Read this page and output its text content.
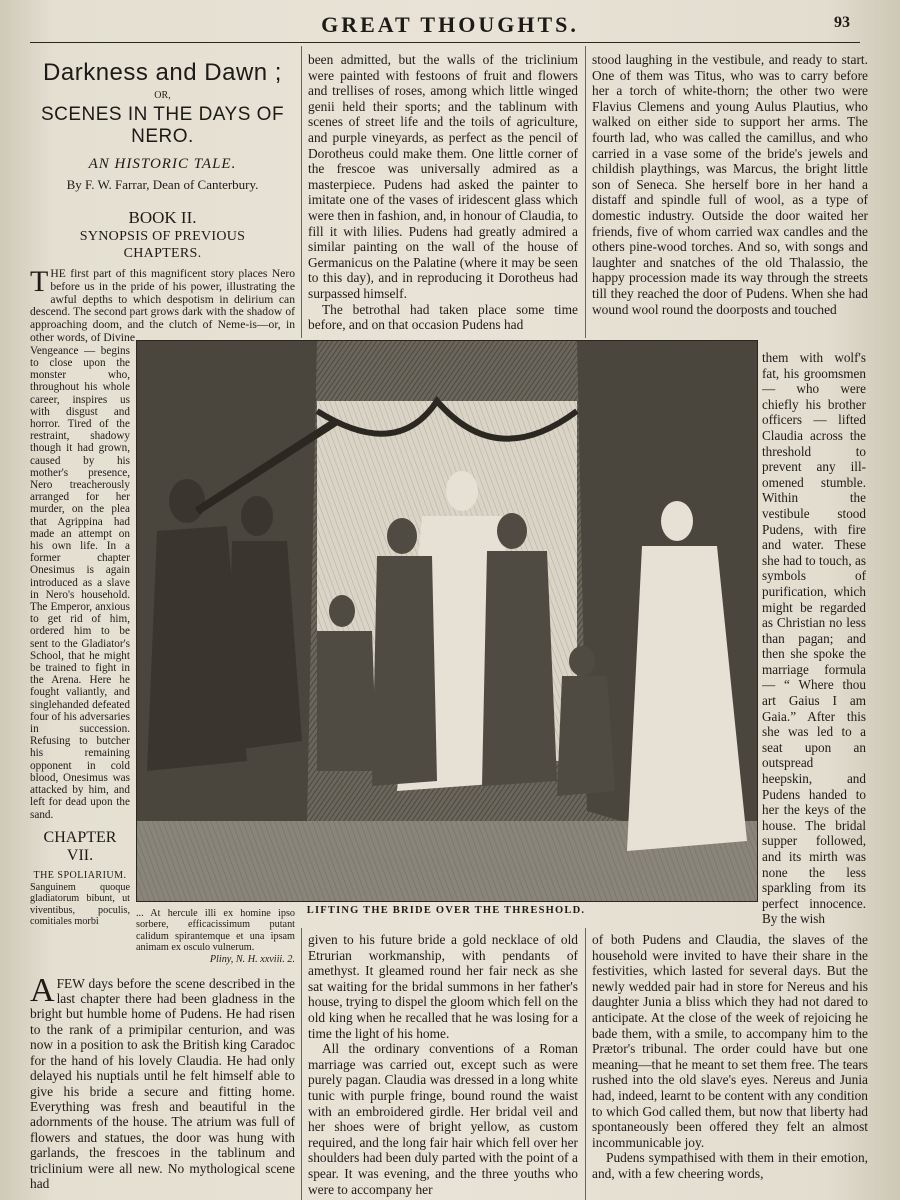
GREAT THOUGHTS.	93
Darkness and Dawn ;
OR,
SCENES IN THE DAYS OF
NERO.
AN HISTORIC TALE.
By F. W. Farrar, Dean of Canterbury.
BOOK II.
SYNOPSIS OF PREVIOUS
CHAPTERS.
THE first part of this magnificent story places Nero before us in the pride of his power, illustrating the awful depths to which despotism in delirium can descend. The second part grows dark with the shadow of approaching doom, and the clutch of Neme-is—or, in other words, of Divine
Vengeance — begins to close upon the monster who, throughout his whole career, inspires us with disgust and horror. Tired of the restraint, shadowy though it had grown, caused by his mother's presence, Nero treacherously arranged for her murder, on the plea that Agrippina had made an attempt on his own life. In a former chapter Onesimus is again introduced as a slave in Nero's household. The Emperor, anxious to get rid of him, ordered him to be sent to the Gladiator's School, that he might be trained to fight in the Arena. Here he fought valiantly, and singlehanded defeated four of his adversaries in succession. Refusing to butcher his remaining opponent in cold blood, Onesimus was attacked by him, and left for dead upon the sand.
CHAPTER VII.
THE SPOLIARIUM.
Sanguinem quoque gladiatorum bibunt, ut viventibus, poculis, comitiales morbi
... At hercule illi ex homine ipso sorbere, efficacissimum putant calidum spirantemque et una ipsam animam ex osculo vulnerum.
Pliny, N. H. xxviii. 2.
AFEW days before the scene described in the last chapter there had been gladness in the bright but humble home of Pudens. He had risen to the rank of a primipilar centurion, and was now in a position to ask the British king Caradoc for the hand of his lovely Claudia. He had only delayed his nuptials until he felt himself able to give his bride a secure and fitting home. Everything was fresh and beautiful in the adornments of the house. The atrium was full of flowers and statues, the door was hung with garlands, the frescoes in the tablinum and triclinium were all new. No mythological scene had

been admitted, but the walls of the triclinium were painted with festoons of fruit and flowers and trellises of roses, among which little winged genii held their sports; and the tablinum with scenes of street life and the toils of agriculture, and purple vineyards, as perfect as the pencil of Dorotheus could make them. One little corner of the frescoe was universally admired as a masterpiece. Pudens had asked the painter to imitate one of the vases of iridescent glass which were then in fashion, and, in honour of Claudia, to fill it with lilies. Pudens had greatly admired a similar painting on the wall of the house of Germanicus on the Palatine (where it may be seen to this day), and in reproducing it Dorotheus had surpassed himself.

The betrothal had taken place some time before, and on that occasion Pudens had

stood laughing in the vestibule, and ready to start. One of them was Titus, who was to carry before her a torch of white-thorn; the other two were Flavius Clemens and young Aulus Plautius, who walked on either side to support her arms. The fourth lad, who was called the camillus, and who carried in a vase some of the bride's jewels and childish playthings, was Marcus, the bright little son of Seneca. She herself bore in her hand a distaff and spindle full of wool, as a type of domestic industry. Outside the door waited her friends, five of whom carried wax candles and the others pine-wood torches. And so, with songs and laughter and snatches of the old Thalassio, the happy procession made its way through the streets till they reached the door of Pudens. When she had wound wool round the doorposts and touched

them with wolf's fat, his groomsmen — who were chiefly his brother officers — lifted Claudia across the threshold to prevent any ill-omened stumble. Within the vestibule stood Pudens, with fire and water. These she had to touch, as symbols of purification, which might be regarded as Christian no less than pagan; and then she spoke the marriage formula — “ Where thou art Gaius I am Gaia.” After this she was led to a seat upon an outspread heepskin, and Pudens handed to her the keys of the house. The bridal supper followed, and its mirth was none the less sparkling from its perfect innocence. By the wish
LIFTING THE BRIDE OVER THE THRESHOLD.

given to his future bride a gold necklace of old Etrurian workmanship, with pendants of amethyst. It gleamed round her fair neck as she sat waiting for the bridal summons in her father's house, trying to dispel the gloom which fell on the old king when he recalled that he was losing for a time the light of his home.

All the ordinary conventions of a Roman marriage was carried out, except such as were purely pagan. Claudia was dressed in a long white tunic with purple fringe, bound round the waist with an embroidered girdle. Her bridal veil and her shoes were of bright yellow, as custom required, and the long fair hair which fell over her shoulders had been duly parted with the point of a spear. It was evening, and the three youths who were to accompany her

of both Pudens and Claudia, the slaves of the household were invited to have their share in the festivities, which lasted for several days. But the newly wedded pair had in store for Nereus and his daughter Junia a bliss which they had not dared to anticipate. At the close of the week of rejoicing he bade them, with a smile, to accompany him to the Prætor's tribunal. The order could have but one meaning—that he meant to set them free. The tears rushed into the old slave's eyes. Nereus and Junia had, indeed, learnt to be content with any condition to which God called them, but now that liberty had spontaneously been offered they felt an almost incommunicable joy.

Pudens sympathised with them in their emotion, and, with a few cheering words,
